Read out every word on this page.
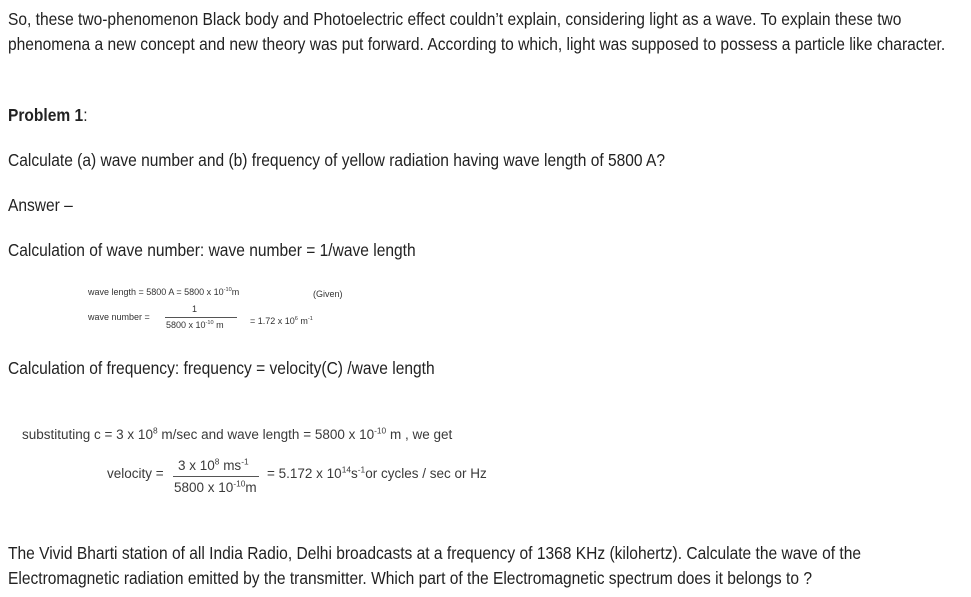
So, these two-phenomenon Black body and Photoelectric effect couldn’t explain, considering light as a wave. To explain these two phenomena a new concept and new theory was put forward. According to which, light was supposed to possess a particle like character.

Problem 1:

Calculate (a) wave number and (b) frequency of yellow radiation having wave length of 5800 A?

Answer –

Calculation of wave number: wave number = 1/wave length

wave length = 5800 A = 5800 x $10^{-10}m$	(Given)
wave number =
1
5800 x $10^{-10}$ m	= 1.72 x $10^6$ $m^{-1}$

Calculation of frequency: frequency = velocity(C) /wave length

substituting c = 3 x $10^8$ m/sec and wave length = 5800 x $10^{-10}$ m , we get
velocity =
3 x $10^8$ $ms^{-1}$
5800 x $10^{-10}m$
= 5.172 x $10^{14}s^{-1}or$ cycles / sec or Hz

The Vivid Bharti station of all India Radio, Delhi broadcasts at a frequency of 1368 KHz (kilohertz). Calculate the wave of the Electromagnetic radiation emitted by the transmitter. Which part of the Electromagnetic spectrum does it belongs to ?
